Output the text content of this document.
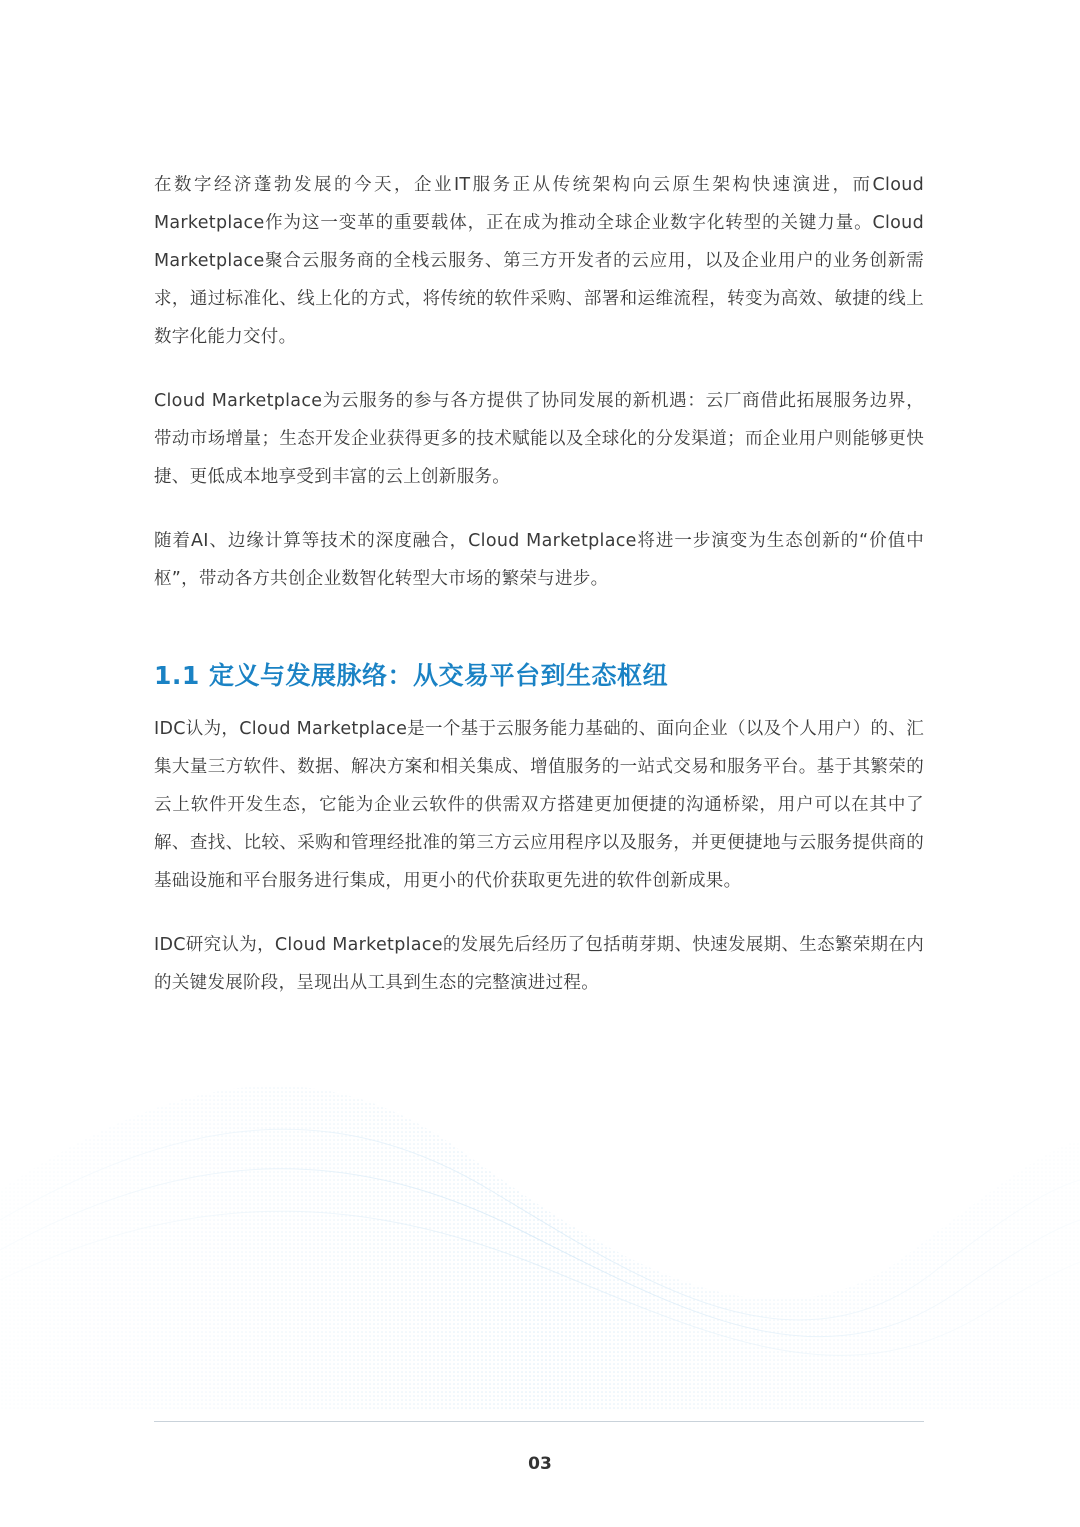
在数字经济蓬勃发展的今天，企业IT服务正从传统架构向云原生架构快速演进，而Cloud Marketplace作为这一变革的重要载体，正在成为推动全球企业数字化转型的关键力量。Cloud Marketplace聚合云服务商的全栈云服务、第三方开发者的云应用，以及企业用户的业务创新需求，通过标准化、线上化的方式，将传统的软件采购、部署和运维流程，转变为高效、敏捷的线上数字化能力交付。

Cloud Marketplace为云服务的参与各方提供了协同发展的新机遇：云厂商借此拓展服务边界，带动市场增量；生态开发企业获得更多的技术赋能以及全球化的分发渠道；而企业用户则能够更快捷、更低成本地享受到丰富的云上创新服务。

随着AI、边缘计算等技术的深度融合，Cloud Marketplace将进一步演变为生态创新的“价值中枢”，带动各方共创企业数智化转型大市场的繁荣与进步。

1.1 定义与发展脉络：从交易平台到生态枢纽

IDC认为，Cloud Marketplace是一个基于云服务能力基础的、面向企业（以及个人用户）的、汇集大量三方软件、数据、解决方案和相关集成、增值服务的一站式交易和服务平台。基于其繁荣的云上软件开发生态，它能为企业云软件的供需双方搭建更加便捷的沟通桥梁，用户可以在其中了解、查找、比较、采购和管理经批准的第三方云应用程序以及服务，并更便捷地与云服务提供商的基础设施和平台服务进行集成，用更小的代价获取更先进的软件创新成果。

IDC研究认为，Cloud Marketplace的发展先后经历了包括萌芽期、快速发展期、生态繁荣期在内的关键发展阶段，呈现出从工具到生态的完整演进过程。

03
